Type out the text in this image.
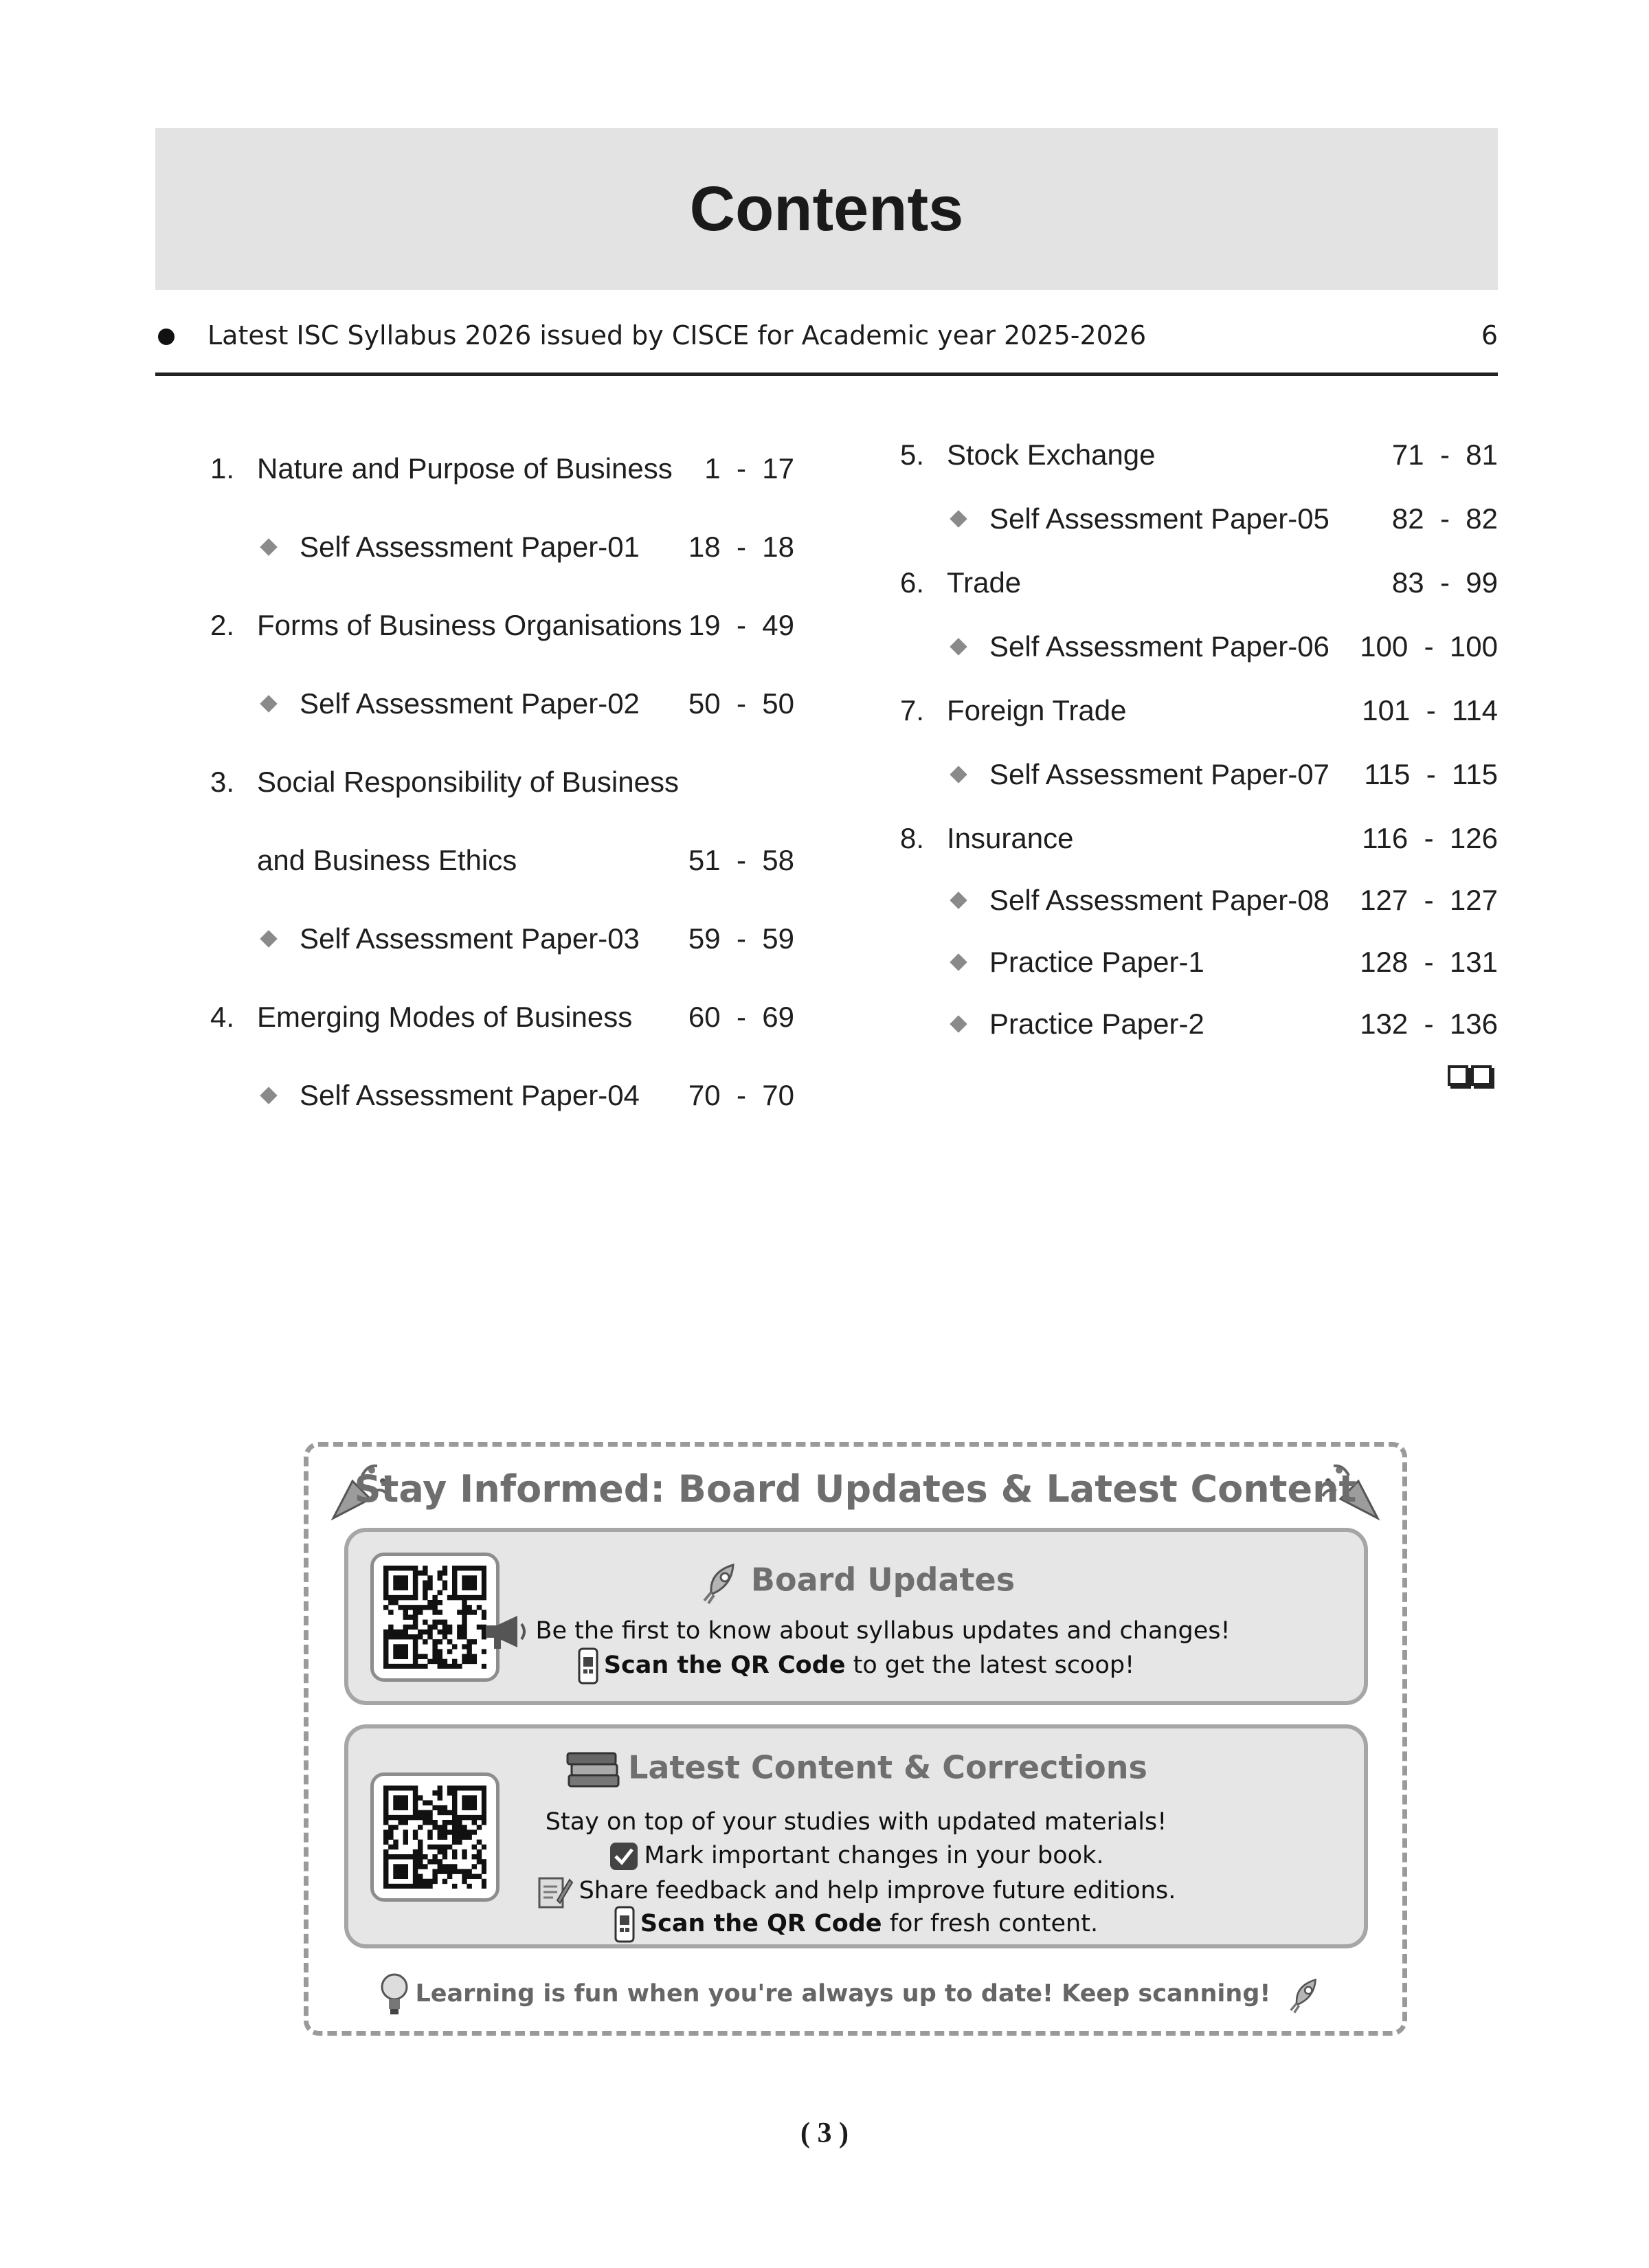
Contents
Latest ISC Syllabus 2026 issued by CISCE for Academic year 2025-2026	6
1. Nature and Purpose of Business 1  -  17
Self Assessment Paper-01 18  -  18
2. Forms of Business Organisations 19  -  49
Self Assessment Paper-02 50  -  50
3. Social Responsibility of Business
and Business Ethics	51  -  58
Self Assessment Paper-03 59  -  59
4. Emerging Modes of Business 60  -  69
Self Assessment Paper-04 70  -  70
5. Stock Exchange	71  -  81
Self Assessment Paper-05 82  -  82
6. Trade	83  -  99
Self Assessment Paper-06 100  -  100
7. Foreign Trade	101  -  114
Self Assessment Paper-07 115  -  115
8. Insurance	116  -  126
Self Assessment Paper-08 127  -  127
Practice Paper-1	128  -  131
Practice Paper-2	132  -  136
Stay Informed: Board Updates & Latest Content
Board Updates
Be the first to know about syllabus updates and changes!
Scan the QR Code to get the latest scoop!
Latest Content & Corrections
Stay on top of your studies with updated materials!
Mark important changes in your book.
Share feedback and help improve future editions.
Scan the QR Code for fresh content.
Learning is fun when you're always up to date! Keep scanning!
( 3 )
